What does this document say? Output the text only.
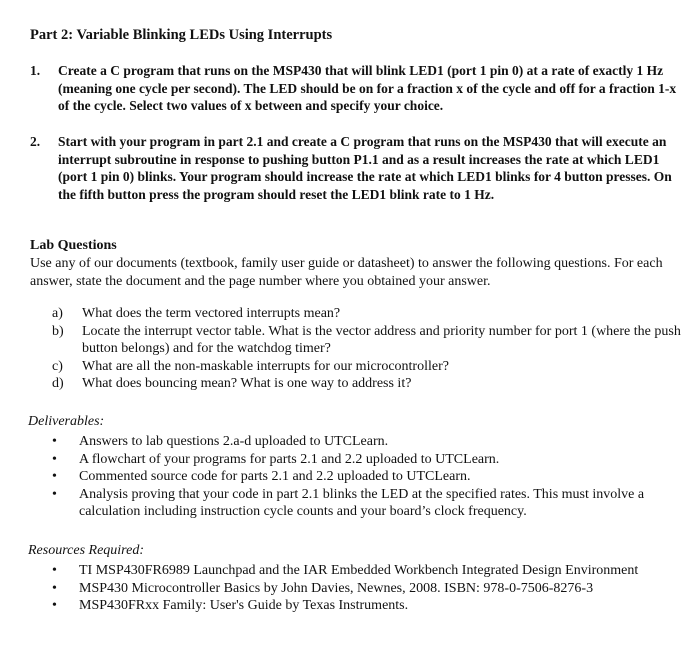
Part 2: Variable Blinking LEDs Using Interrupts
1. Create a C program that runs on the MSP430 that will blink LED1 (port 1 pin 0) at a rate of exactly 1 Hz (meaning one cycle per second). The LED should be on for a fraction x of the cycle and off for a fraction 1-x of the cycle. Select two values of x between and specify your choice.
2. Start with your program in part 2.1 and create a C program that runs on the MSP430 that will execute an interrupt subroutine in response to pushing button P1.1 and as a result increases the rate at which LED1 (port 1 pin 0) blinks. Your program should increase the rate at which LED1 blinks for 4 button presses. On the fifth button press the program should reset the LED1 blink rate to 1 Hz.
Lab Questions
Use any of our documents (textbook, family user guide or datasheet) to answer the following questions. For each answer, state the document and the page number where you obtained your answer.
a) What does the term vectored interrupts mean?
b) Locate the interrupt vector table. What is the vector address and priority number for port 1 (where the push button belongs) and for the watchdog timer?
c) What are all the non-maskable interrupts for our microcontroller?
d) What does bouncing mean? What is one way to address it?
Deliverables:
• Answers to lab questions 2.a-d uploaded to UTCLearn.
• A flowchart of your programs for parts 2.1 and 2.2 uploaded to UTCLearn.
• Commented source code for parts 2.1 and 2.2 uploaded to UTCLearn.
• Analysis proving that your code in part 2.1 blinks the LED at the specified rates. This must involve a calculation including instruction cycle counts and your board’s clock frequency.
Resources Required:
• TI MSP430FR6989 Launchpad and the IAR Embedded Workbench Integrated Design Environment
• MSP430 Microcontroller Basics by John Davies, Newnes, 2008. ISBN: 978-0-7506-8276-3
• MSP430FRxx Family: User's Guide by Texas Instruments.
